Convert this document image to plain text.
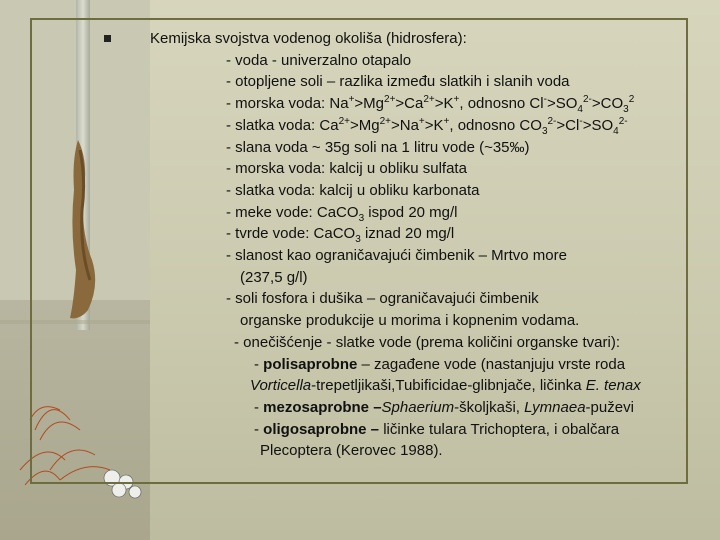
Kemijska svojstva vodenog okoliša (hidrosfera):
- voda - univerzalno otapalo
- otopljene soli – razlika između slatkih i slanih voda
- morska voda: $Na^+>Mg^{2+}>Ca^{2+}>K^+$, odnosno $Cl^->SO_4^{2-}>CO_3^2$
- slatka voda: $Ca^{2+}>Mg^{2+}>Na^+>K^+$, odnosno $CO_3^{2-}>Cl^->SO_4^{2-}$
- slana voda ~ 35g soli na 1 litru vode (~35‰)
- morska voda: kalcij u obliku sulfata
- slatka voda: kalcij u obliku karbonata
- meke vode: CaCO$_3$ ispod 20 mg/l
- tvrde vode: CaCO$_3$ iznad 20 mg/l
- slanost kao ograničavajući čimbenik – Mrtvo more
(237,5 g/l)
- soli fosfora i dušika – ograničavajući čimbenik
organske produkcije u morima i kopnenim vodama.
- onečišćenje - slatke vode (prema količini organske tvari):
- polisaprobne – zagađene vode (nastanjuju vrste roda
Vorticella-trepetljikaši,Tubificidae-glibnjače, ličinka E. tenax
- mezosaprobne –Sphaerium-školjkaši, Lymnaea-puževi
- oligosaprobne – ličinke tulara Trichoptera, i obalčara
Plecoptera (Kerovec 1988).
